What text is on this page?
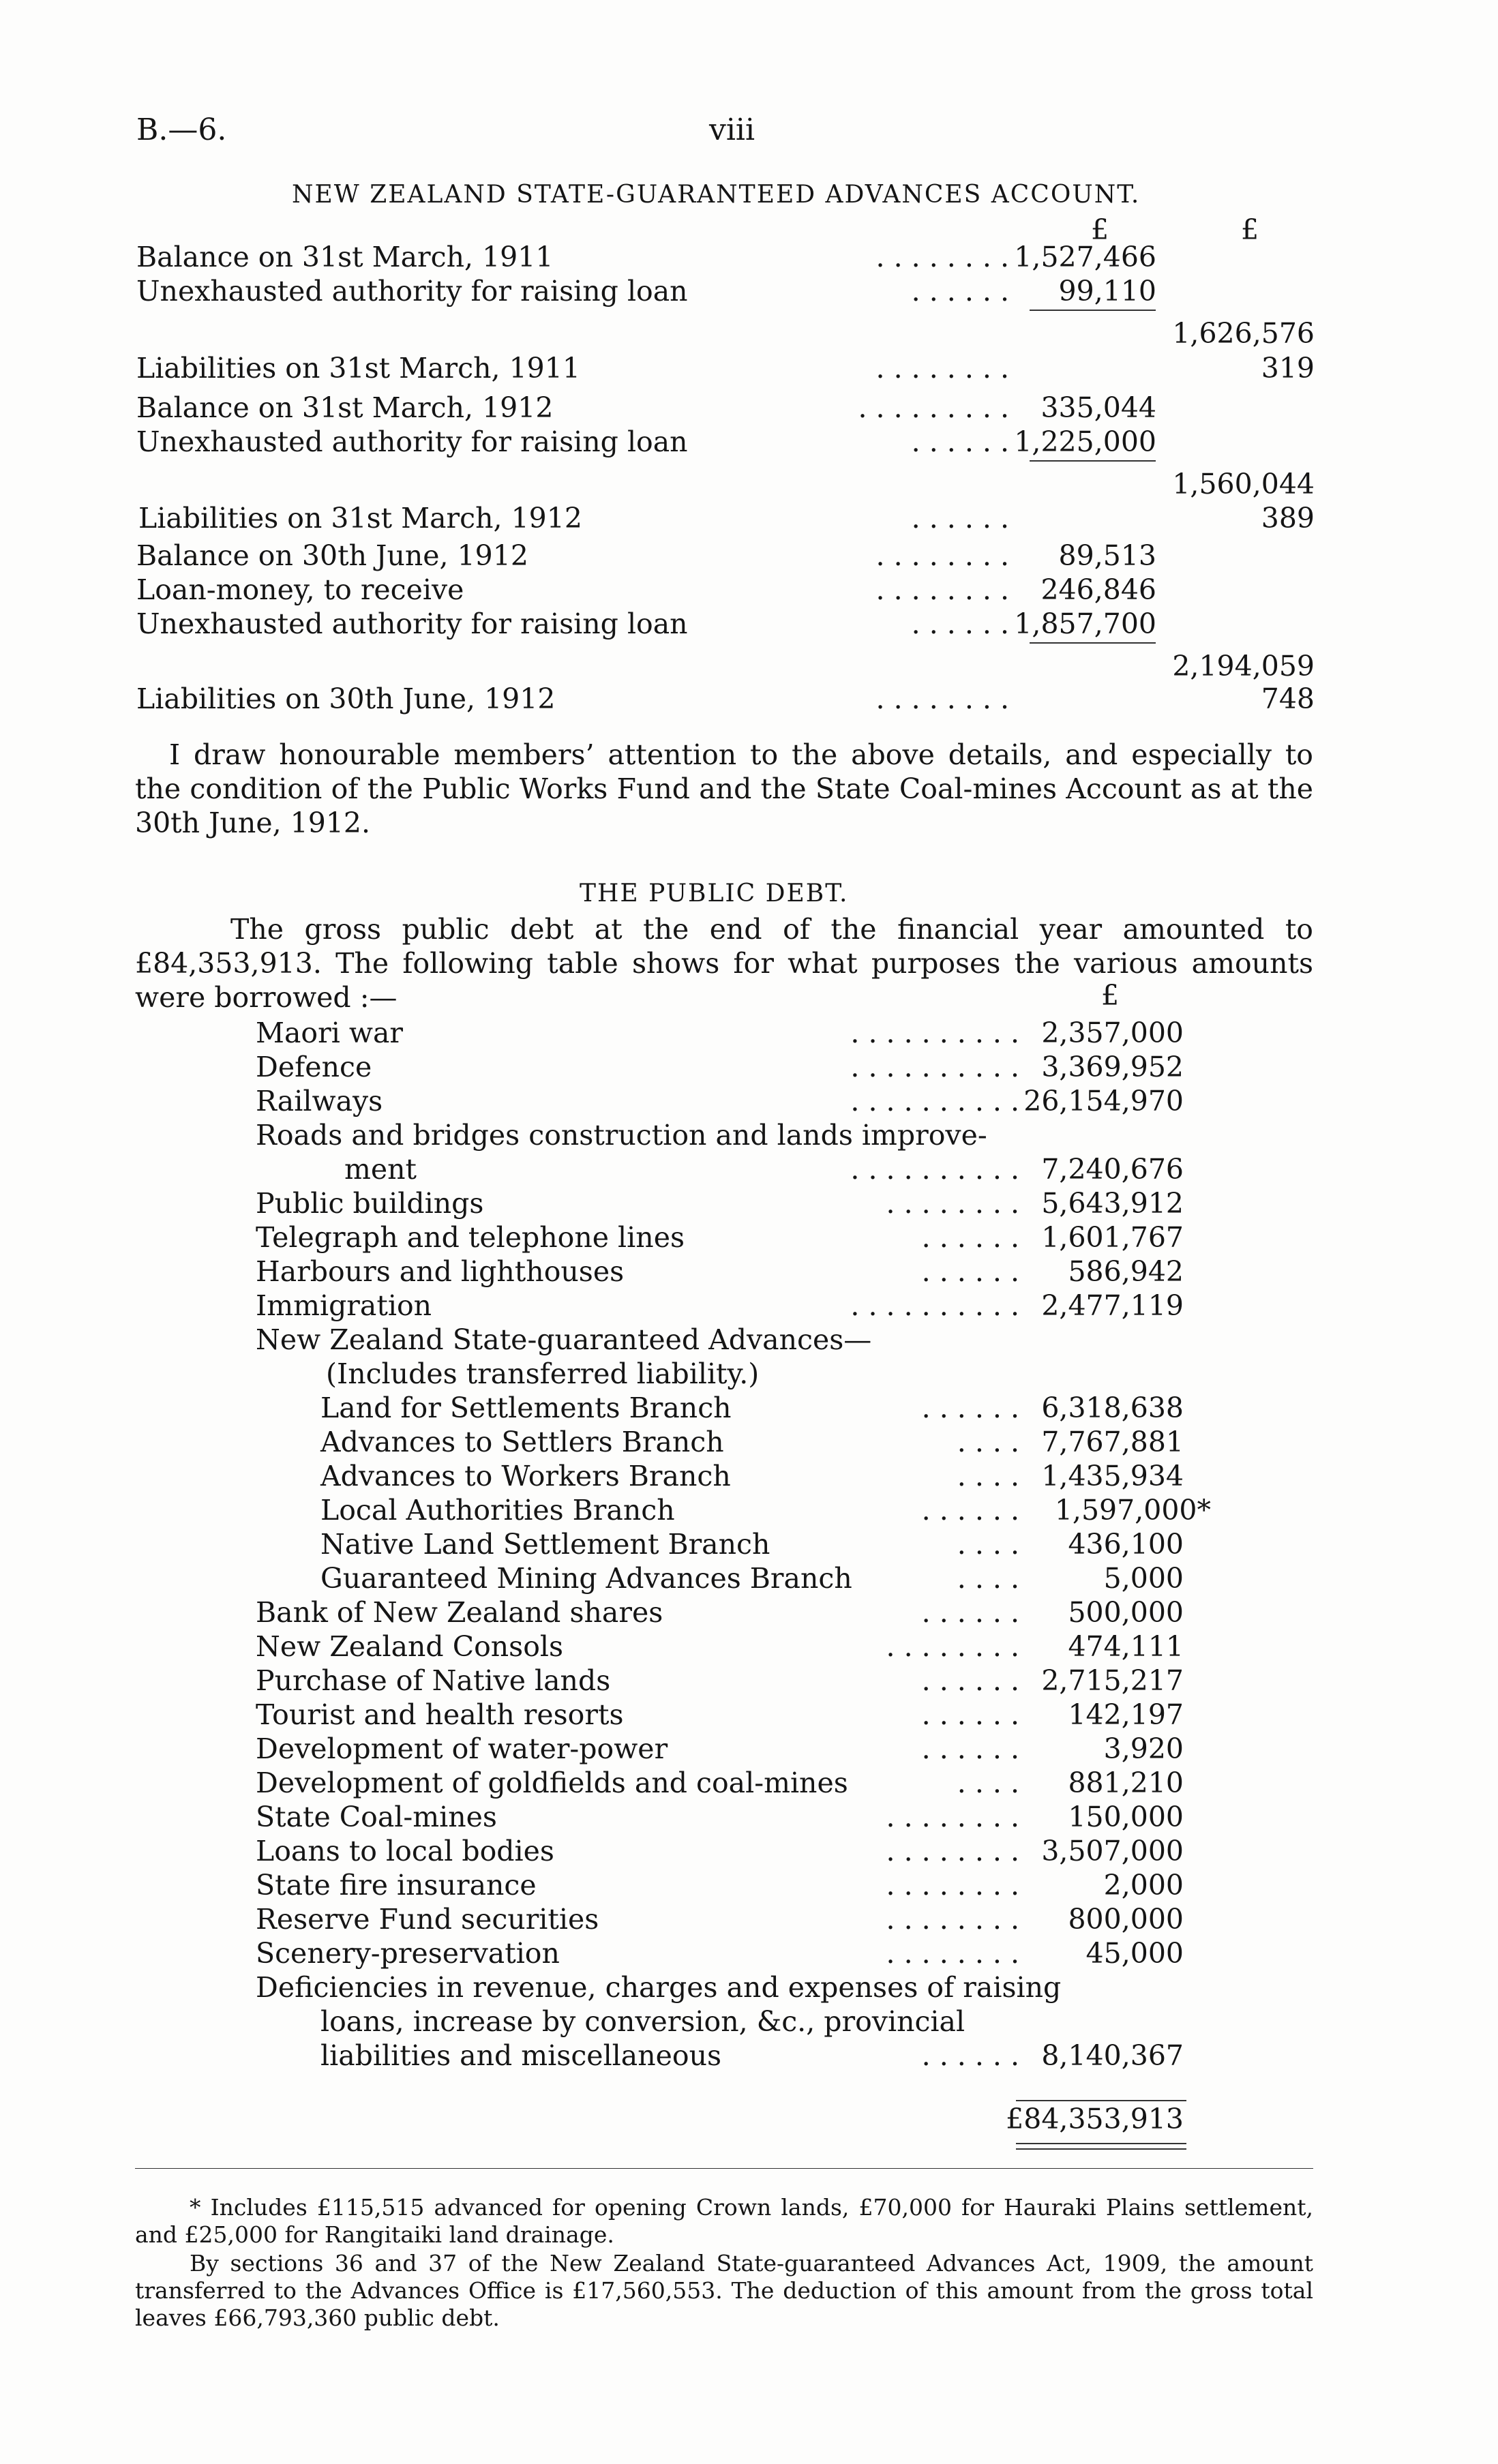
B.—6.	viii
NEW ZEALAND STATE-GUARANTEED ADVANCES ACCOUNT.
£	£
Balance on 31st March, 1911	. . . . . . . . 1,527,466
Unexhausted authority for raising loan	. . . . . .	99,110
1,626,576
Liabilities on 31st March, 1911	. . . . . . . .	319
Balance on 31st March, 1912	. . . . . . . . .	335,044
Unexhausted authority for raising loan	. . . . . . 1,225,000
1,560,044
Liabilities on 31st March, 1912	. . . . . .	389
Balance on 30th June, 1912	. . . . . . . .	89,513
Loan-money, to receive	. . . . . . . .	246,846
Unexhausted authority for raising loan	. . . . . . 1,857,700
2,194,059
Liabilities on 30th June, 1912	. . . . . . . .	748
I draw honourable members’ attention to the above details, and especially to the condition of the Public Works Fund and the State Coal-mines Account as at the 30th June, 1912.
THE PUBLIC DEBT.
The gross public debt at the end of the financial year amounted to £84,353,913. The following table shows for what purposes the various amounts were borrowed :—	£
Maori war	. . . . . . . . . . 2,357,000
Defence	. . . . . . . . . . 3,369,952
Railways	. . . . . . . . . . 26,154,970
Roads and bridges construction and lands improve-
ment	. . . . . . . . . . 7,240,676
Public buildings	. . . . . . . . 5,643,912
Telegraph and telephone lines	. . . . . . 1,601,767
Harbours and lighthouses	. . . . . .	586,942
Immigration	. . . . . . . . . . 2,477,119
New Zealand State-guaranteed Advances—
(Includes transferred liability.)
Land for Settlements Branch	. . . . . . 6,318,638
Advances to Settlers Branch	. . . . 7,767,881
Advances to Workers Branch	. . . . 1,435,934
Local Authorities Branch	. . . . . .	1,597,000*
Native Land Settlement Branch	. . . .	436,100
Guaranteed Mining Advances Branch	. . . .	5,000
Bank of New Zealand shares	. . . . . .	500,000
New Zealand Consols	. . . . . . . .	474,111
Purchase of Native lands	. . . . . . 2,715,217
Tourist and health resorts	. . . . . .	142,197
Development of water-power	. . . . . .	3,920
Development of goldfields and coal-mines	. . . .	881,210
State Coal-mines	. . . . . . . .	150,000
Loans to local bodies	. . . . . . . . 3,507,000
State fire insurance	. . . . . . . .	2,000
Reserve Fund securities	. . . . . . . .	800,000
Scenery-preservation	. . . . . . . .	45,000
Deficiencies in revenue, charges and expenses of raising
loans, increase by conversion, &c., provincial
liabilities and miscellaneous	. . . . . . 8,140,367
£84,353,913
* Includes £115,515 advanced for opening Crown lands, £70,000 for Hauraki Plains settlement, and £25,000 for Rangitaiki land drainage.
By sections 36 and 37 of the New Zealand State-guaranteed Advances Act, 1909, the amount transferred to the Advances Office is £17,560,553. The deduction of this amount from the gross total leaves £66,793,360 public debt.
